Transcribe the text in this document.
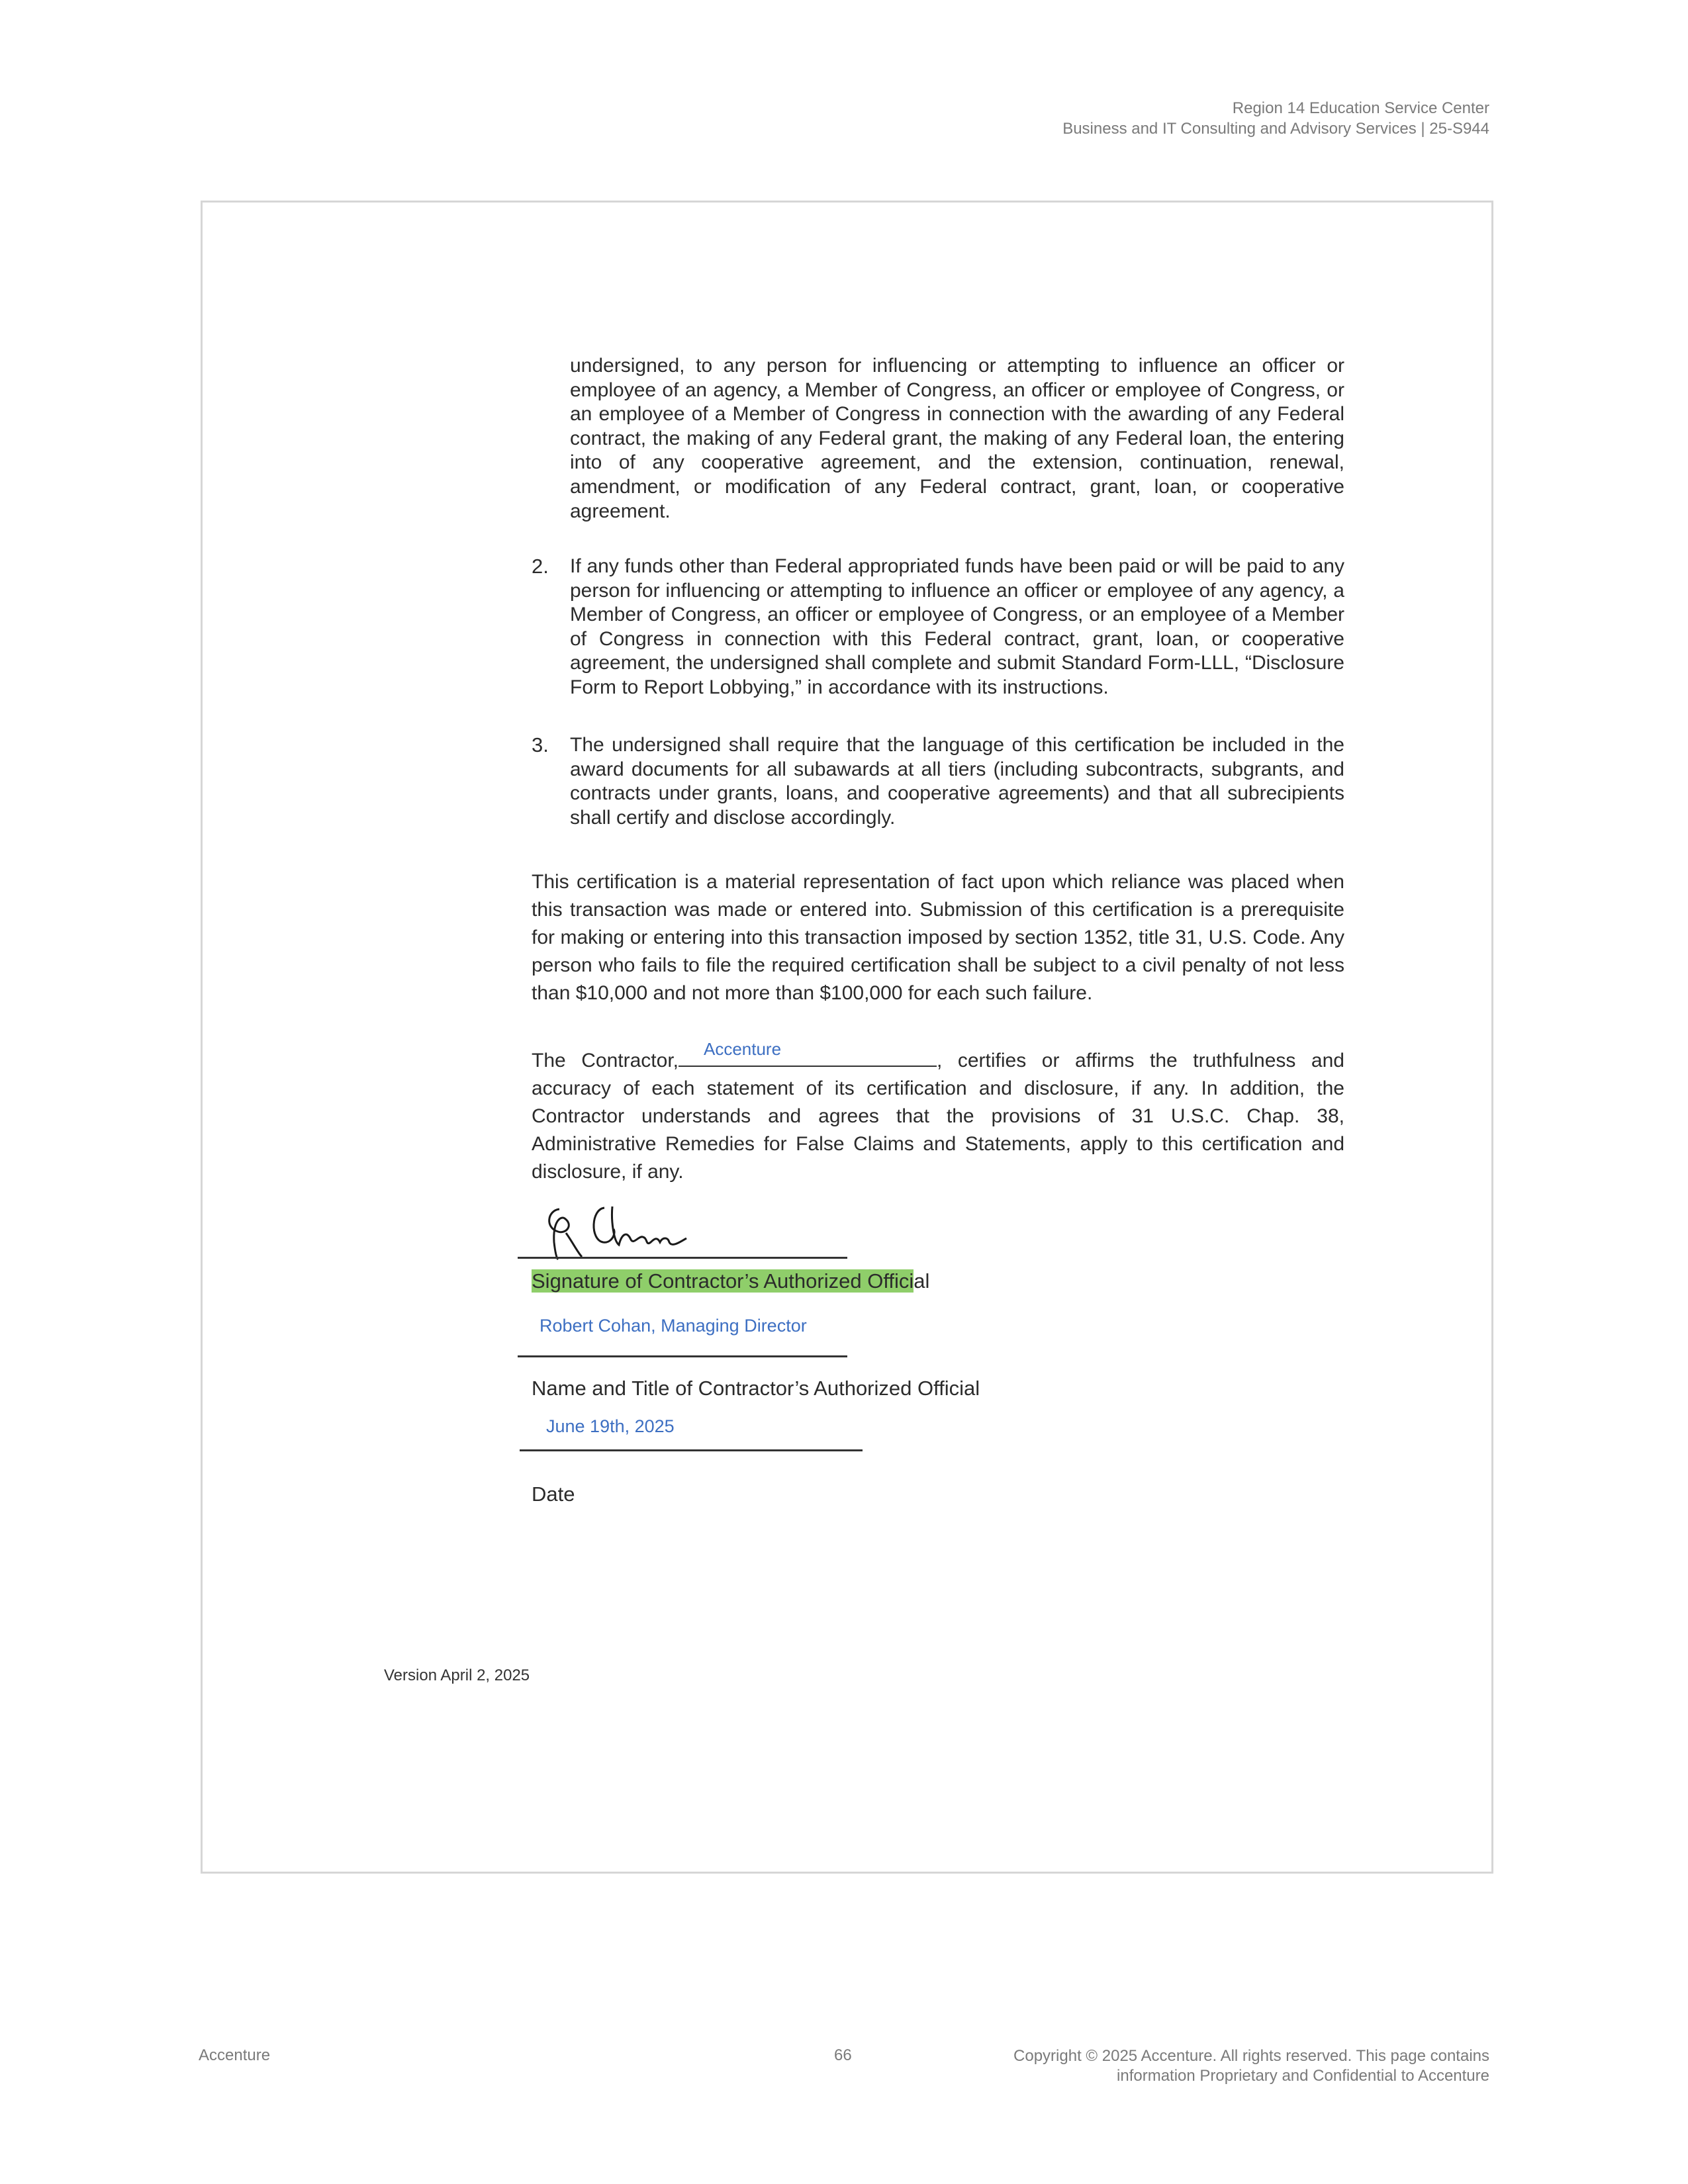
Region 14 Education Service Center
Business and IT Consulting and Advisory Services | 25-S944
undersigned, to any person for influencing or attempting to influence an officer or employee of an agency, a Member of Congress, an officer or employee of Congress, or an employee of a Member of Congress in connection with the awarding of any Federal contract, the making of any Federal grant, the making of any Federal loan, the entering into of any cooperative agreement, and the extension, continuation, renewal, amendment, or modification of any Federal contract, grant, loan, or cooperative agreement.
2.	If any funds other than Federal appropriated funds have been paid or will be paid to any person for influencing or attempting to influence an officer or employee of any agency, a Member of Congress, an officer or employee of Congress, or an employee of a Member of Congress in connection with this Federal contract, grant, loan, or cooperative agreement, the undersigned shall complete and submit Standard Form-LLL, “Disclosure Form to Report Lobbying,” in accordance with its instructions.
3.	The undersigned shall require that the language of this certification be included in the award documents for all subawards at all tiers (including subcontracts, subgrants, and contracts under grants, loans, and cooperative agreements) and that all subrecipients shall certify and disclose accordingly.
This certification is a material representation of fact upon which reliance was placed when this transaction was made or entered into. Submission of this certification is a prerequisite for making or entering into this transaction imposed by section 1352, title 31, U.S. Code. Any person who fails to file the required certification shall be subject to a civil penalty of not less than $10,000 and not more than $100,000 for each such failure.
The Contractor,
Accenture
, certifies or affirms the truthfulness and accuracy of each statement of its certification and disclosure, if any. In addition, the Contractor understands and agrees that the provisions of 31 U.S.C. Chap. 38, Administrative Remedies for False Claims and Statements, apply to this certification and disclosure, if any.
Signature of Contractor’s Authorized Official
Robert Cohan, Managing Director
Name and Title of Contractor’s Authorized Official
June 19th, 2025
Date
Version April 2, 2025
Accenture	66	Copyright © 2025 Accenture. All rights reserved. This page contains
information Proprietary and Confidential to Accenture
